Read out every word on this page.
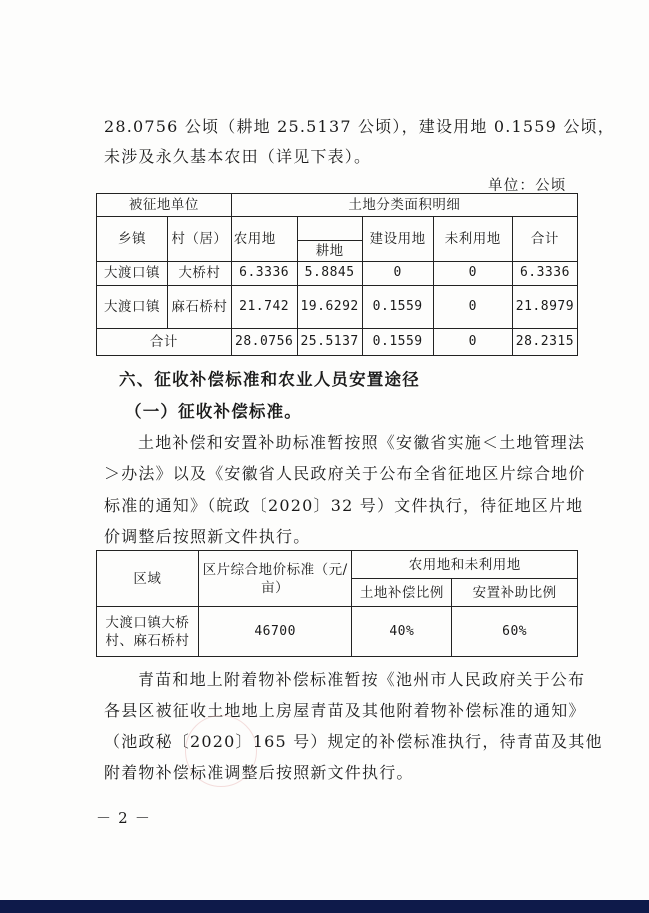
28.0756 公顷（耕地 25.5137 公顷），建设用地 0.1559 公顷，
未涉及永久基本农田（详见下表）。
单位：公顷
被征地单位		土地分类面积明细				
乡镇	村（居）	农用地		建设用地	未利用地	合计
			耕地			
大渡口镇	大桥村	6.3336	5.8845	0	0	6.3336
大渡口镇	麻石桥村	21.742	19.6292	0.1559	0	21.8979
合计		28.0756	25.5137	0.1559	0	28.2315
六、征收补偿标准和农业人员安置途径
（一）征收补偿标准。
土地补偿和安置补助标准暂按照《安徽省实施＜土地管理法
＞办法》以及《安徽省人民政府关于公布全省征地区片综合地价
标准的通知》（皖政〔2020〕32 号）文件执行，待征地区片地
价调整后按照新文件执行。
区域	区片综合地价标准（元/亩）	农用地和未利用地	
		土地补偿比例	安置补助比例
大渡口镇大桥村、麻石桥村	46700	40%	60%
青苗和地上附着物补偿标准暂按《池州市人民政府关于公布
各县区被征收土地地上房屋青苗及其他附着物补偿标准的通知》
（池政秘〔2020〕165 号）规定的补偿标准执行，待青苗及其他
附着物补偿标准调整后按照新文件执行。
－ 2 －
